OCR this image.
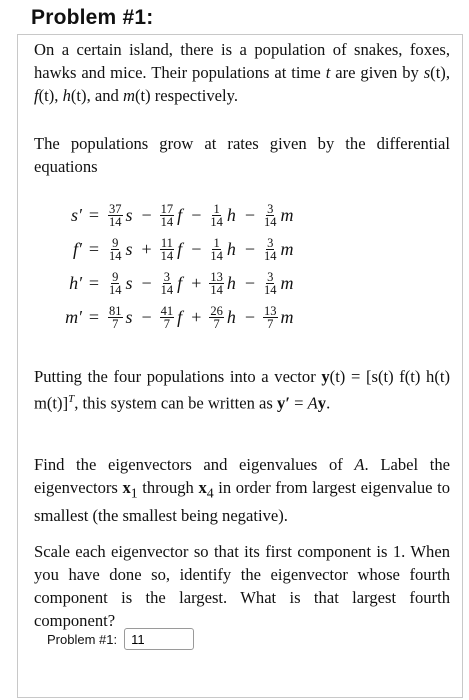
Problem #1:
On a certain island, there is a population of snakes, foxes, hawks and mice. Their populations at time t are given by s(t), f(t), h(t), and m(t) respectively.
The populations grow at rates given by the differential equations
$s' = \frac{37}{14}$ $s - \frac{17}{14}$ $f - \frac{1}{14}$ $h - \frac{3}{14}$ m
$f' = \frac{9}{14}$ $s + \frac{11}{14}$ $f - \frac{1}{14}$ $h - \frac{3}{14}$ m
$h' = \frac{9}{14}$ $s - \frac{3}{14}$ $f + \frac{13}{14}$ $h - \frac{3}{14}$ m
$m' = \frac{81}{7}$ $s - \frac{41}{7}$ $f + \frac{26}{7}$ $h - \frac{13}{7}$ m
Putting the four populations into a vector y(t) = [s(t) f(t) h(t) m(t)]$^T$, this system can be written as y′ = Ay.
Find the eigenvectors and eigenvalues of A. Label the eigenvectors $x_1$ through $x_4$ in order from largest eigenvalue to smallest (the smallest being negative).
Scale each eigenvector so that its first component is 1. When you have done so, identify the eigenvector whose fourth component is the largest. What is that largest fourth component?
Problem #1:
11
